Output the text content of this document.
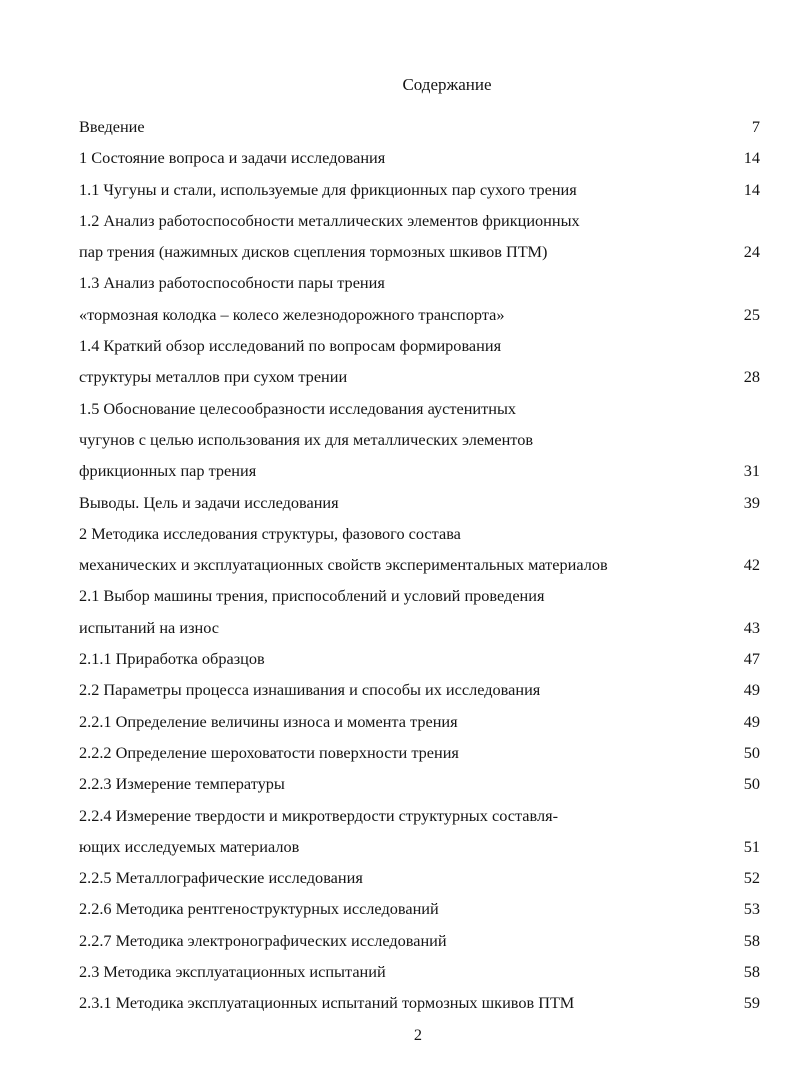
Содержание
Введение	7
1 Состояние вопроса и задачи исследования	14
1.1 Чугуны и стали, используемые для фрикционных пар сухого трения	14
1.2 Анализ работоспособности металлических элементов фрикционных
пар трения (нажимных дисков сцепления тормозных шкивов ПТМ)	24
1.3 Анализ работоспособности пары трения
«тормозная колодка – колесо железнодорожного транспорта»	25
1.4 Краткий обзор исследований по вопросам формирования
структуры металлов при сухом трении	28
1.5 Обоснование целесообразности исследования аустенитных
чугунов с целью использования их для металлических элементов
фрикционных пар трения	31
Выводы. Цель и задачи исследования	39
2 Методика исследования структуры, фазового состава
механических и эксплуатационных свойств экспериментальных материалов	42
2.1 Выбор машины трения, приспособлений и условий проведения
испытаний на износ	43
2.1.1 Приработка образцов	47
2.2 Параметры процесса изнашивания и способы их исследования	49
2.2.1 Определение величины износа и момента трения	49
2.2.2 Определение шероховатости поверхности трения	50
2.2.3 Измерение температуры	50
2.2.4 Измерение твердости и микротвердости структурных составля-
ющих исследуемых материалов	51
2.2.5 Металлографические исследования	52
2.2.6 Методика рентгеноструктурных исследований	53
2.2.7 Методика электронографических исследований	58
2.3 Методика эксплуатационных испытаний	58
2.3.1 Методика эксплуатационных испытаний тормозных шкивов ПТМ	59
2
